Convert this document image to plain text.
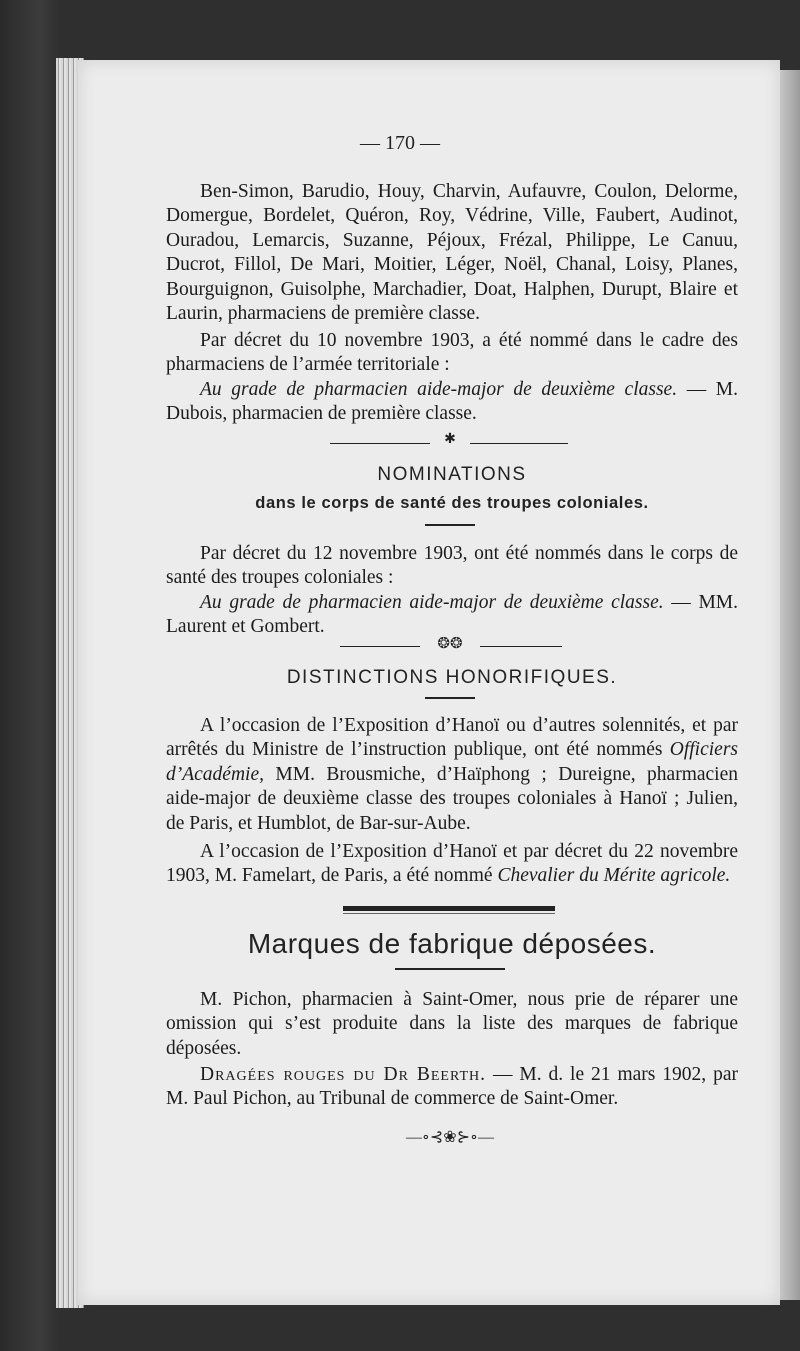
— 170 —
Ben-Simon, Barudio, Houy, Charvin, Aufauvre, Coulon, Delorme, Domergue, Bordelet, Quéron, Roy, Védrine, Ville, Faubert, Audinot, Ouradou, Lemarcis, Suzanne, Péjoux, Frézal, Philippe, Le Canuu, Ducrot, Fillol, De Mari, Moitier, Léger, Noël, Chanal, Loisy, Planes, Bourguignon, Guisolphe, Marchadier, Doat, Halphen, Durupt, Blaire et Laurin, pharmaciens de première classe.
Par décret du 10 novembre 1903, a été nommé dans le cadre des pharmaciens de l’armée territoriale :
Au grade de pharmacien aide-major de deuxième classe. — M. Dubois, pharmacien de première classe.
✱
NOMINATIONS
dans le corps de santé des troupes coloniales.
Par décret du 12 novembre 1903, ont été nommés dans le corps de santé des troupes coloniales :
Au grade de pharmacien aide-major de deuxième classe. — MM. Laurent et Gombert.
❂❂
DISTINCTIONS HONORIFIQUES.
A l’occasion de l’Exposition d’Hanoï ou d’autres solennités, et par arrêtés du Ministre de l’instruction publique, ont été nommés Officiers d’Académie, MM. Brousmiche, d’Haïphong ; Dureigne, pharmacien aide-major de deuxième classe des troupes coloniales à Hanoï ; Julien, de Paris, et Humblot, de Bar-sur-Aube.
A l’occasion de l’Exposition d’Hanoï et par décret du 22 novembre 1903, M. Famelart, de Paris, a été nommé Chevalier du Mérite agricole.
Marques de fabrique déposées.
M. Pichon, pharmacien à Saint-Omer, nous prie de réparer une omission qui s’est produite dans la liste des marques de fabrique déposées.
Dragées rouges du Dr Beerth. — M. d. le 21 mars 1902, par M. Paul Pichon, au Tribunal de commerce de Saint-Omer.
—∘⊰❀⊱∘—
